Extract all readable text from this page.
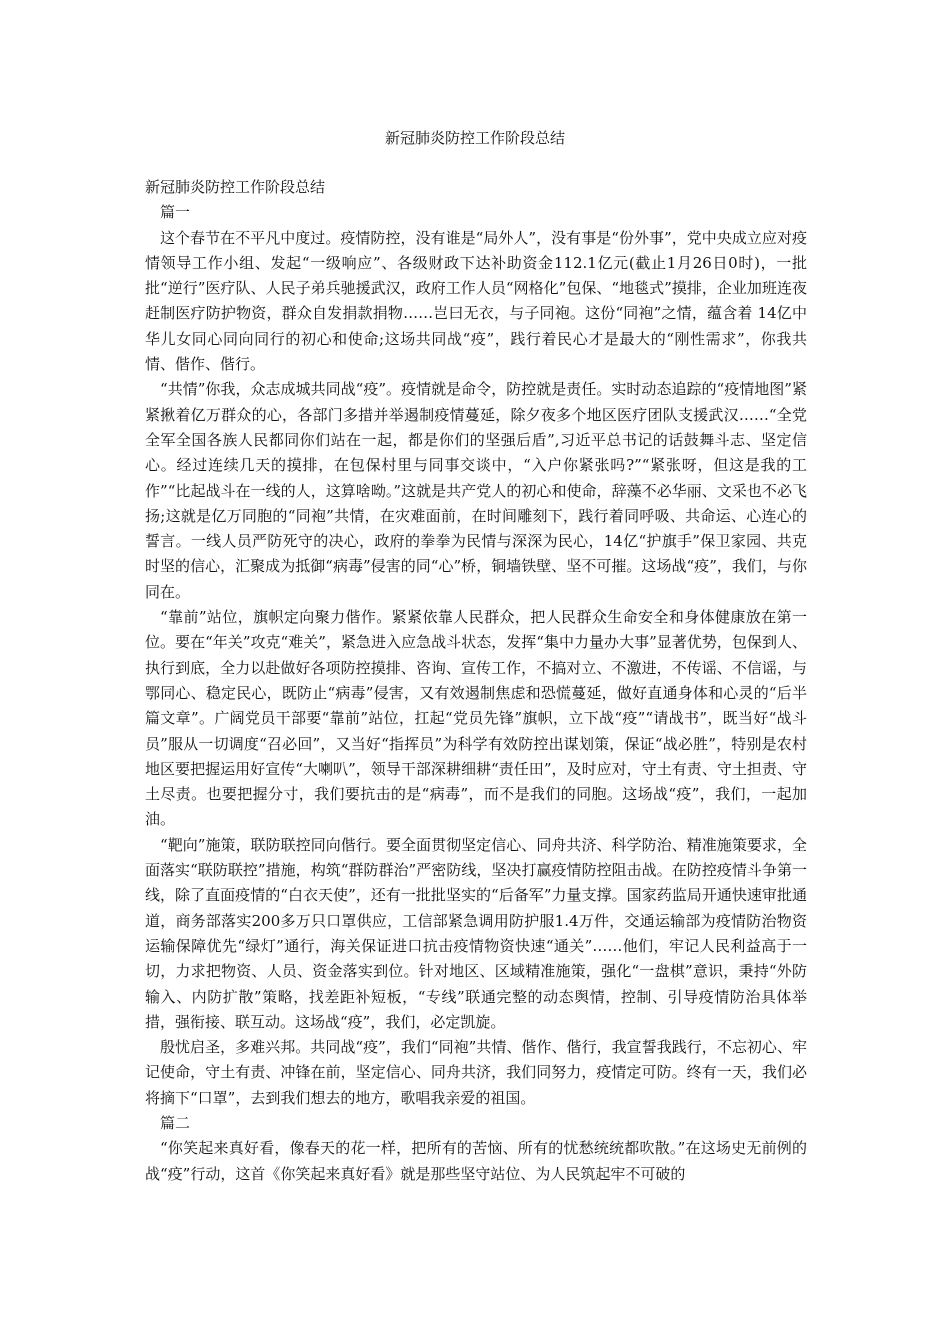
新冠肺炎防控工作阶段总结

新冠肺炎防控工作阶段总结

篇一

这个春节在不平凡中度过。疫情防控，没有谁是“局外人”，没有事是“份外事”，党中央成立应对疫情领导工作小组、发起“一级响应”、各级财政下达补助资金112.1亿元(截止1月26日0时)，一批批“逆行”医疗队、人民子弟兵驰援武汉，政府工作人员“网格化”包保、“地毯式”摸排，企业加班连夜赶制医疗防护物资，群众自发捐款捐物……岂曰无衣，与子同袍。这份“同袍”之情，蕴含着 14亿中华儿女同心同向同行的初心和使命;这场共同战“疫”，践行着民心才是最大的“刚性需求”，你我共情、偕作、偕行。

“共情”你我，众志成城共同战“疫”。疫情就是命令，防控就是责任。实时动态追踪的“疫情地图”紧紧揪着亿万群众的心，各部门多措并举遏制疫情蔓延，除夕夜多个地区医疗团队支援武汉……“全党全军全国各族人民都同你们站在一起，都是你们的坚强后盾”,习近平总书记的话鼓舞斗志、坚定信心。经过连续几天的摸排，在包保村里与同事交谈中，“入户你紧张吗?”“紧张呀，但这是我的工作”“比起战斗在一线的人，这算啥呦。”这就是共产党人的初心和使命，辞藻不必华丽、文采也不必飞扬;这就是亿万同胞的“同袍”共情，在灾难面前，在时间雕刻下，践行着同呼吸、共命运、心连心的誓言。一线人员严防死守的决心，政府的拳拳为民情与深深为民心，14亿“护旗手”保卫家园、共克时坚的信心，汇聚成为抵御“病毒”侵害的同“心”桥，铜墙铁壁、坚不可摧。这场战“疫”，我们，与你同在。

“靠前”站位，旗帜定向聚力偕作。紧紧依靠人民群众，把人民群众生命安全和身体健康放在第一位。要在“年关”攻克“难关”，紧急进入应急战斗状态，发挥“集中力量办大事”显著优势，包保到人、执行到底，全力以赴做好各项防控摸排、咨询、宣传工作，不搞对立、不激进，不传谣、不信谣，与鄂同心、稳定民心，既防止“病毒”侵害，又有效遏制焦虑和恐慌蔓延，做好直通身体和心灵的“后半篇文章”。广阔党员干部要“靠前”站位，扛起“党员先锋”旗帜，立下战“疫”“请战书”，既当好“战斗员”服从一切调度“召必回”，又当好“指挥员”为科学有效防控出谋划策，保证“战必胜”，特别是农村地区要把握运用好宣传“大喇叭”，领导干部深耕细耕“责任田”，及时应对，守土有责、守土担责、守土尽责。也要把握分寸，我们要抗击的是“病毒”，而不是我们的同胞。这场战“疫”，我们，一起加油。

“靶向”施策，联防联控同向偕行。要全面贯彻坚定信心、同舟共济、科学防治、精准施策要求，全面落实“联防联控”措施，构筑“群防群治”严密防线，坚决打赢疫情防控阻击战。在防控疫情斗争第一线，除了直面疫情的“白衣天使”，还有一批批坚实的“后备军”力量支撑。国家药监局开通快速审批通道，商务部落实200多万只口罩供应，工信部紧急调用防护服1.4万件，交通运输部为疫情防治物资运输保障优先“绿灯”通行，海关保证进口抗击疫情物资快速“通关”……他们，牢记人民利益高于一切，力求把物资、人员、资金落实到位。针对地区、区域精准施策，强化“一盘棋”意识，秉持“外防输入、内防扩散”策略，找差距补短板，“专线”联通完整的动态舆情，控制、引导疫情防治具体举措，强衔接、联互动。这场战“疫”，我们，必定凯旋。

殷忧启圣，多难兴邦。共同战“疫”，我们“同袍”共情、偕作、偕行，我宣誓我践行，不忘初心、牢记使命，守土有责、冲锋在前，坚定信心、同舟共济，我们同努力，疫情定可防。终有一天，我们必将摘下“口罩”，去到我们想去的地方，歌唱我亲爱的祖国。

篇二

“你笑起来真好看，像春天的花一样，把所有的苦恼、所有的忧愁统统都吹散。”在这场史无前例的战“疫”行动，这首《你笑起来真好看》就是那些坚守站位、为人民筑起牢不可破的
